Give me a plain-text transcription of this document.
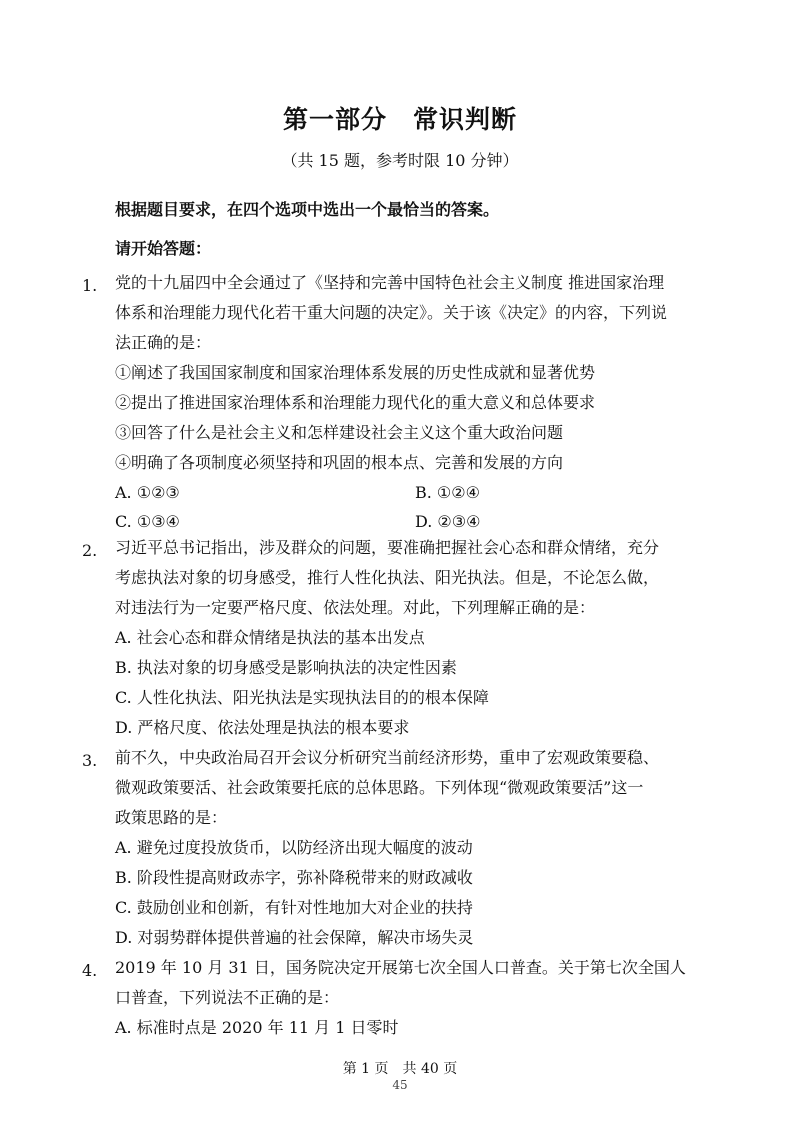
第一部分　常识判断
（共 15 题，参考时限 10 分钟）
根据题目要求，在四个选项中选出一个最恰当的答案。
请开始答题：
1.	党的十九届四中全会通过了《坚持和完善中国特色社会主义制度 推进国家治理
体系和治理能力现代化若干重大问题的决定》。关于该《决定》的内容，下列说
法正确的是：
①阐述了我国国家制度和国家治理体系发展的历史性成就和显著优势
②提出了推进国家治理体系和治理能力现代化的重大意义和总体要求
③回答了什么是社会主义和怎样建设社会主义这个重大政治问题
④明确了各项制度必须坚持和巩固的根本点、完善和发展的方向
A. ①②③	B. ①②④
C. ①③④	D. ②③④
2.	习近平总书记指出，涉及群众的问题，要准确把握社会心态和群众情绪，充分
考虑执法对象的切身感受，推行人性化执法、阳光执法。但是，不论怎么做，
对违法行为一定要严格尺度、依法处理。对此，下列理解正确的是：
A. 社会心态和群众情绪是执法的基本出发点
B. 执法对象的切身感受是影响执法的决定性因素
C. 人性化执法、阳光执法是实现执法目的的根本保障
D. 严格尺度、依法处理是执法的根本要求
3.	前不久，中央政治局召开会议分析研究当前经济形势，重申了宏观政策要稳、
微观政策要活、社会政策要托底的总体思路。下列体现“微观政策要活”这一
政策思路的是：
A. 避免过度投放货币，以防经济出现大幅度的波动
B. 阶段性提高财政赤字，弥补降税带来的财政减收
C. 鼓励创业和创新，有针对性地加大对企业的扶持
D. 对弱势群体提供普遍的社会保障，解决市场失灵
4.	2019 年 10 月 31 日，国务院决定开展第七次全国人口普查。关于第七次全国人
口普查，下列说法不正确的是：
A. 标准时点是 2020 年 11 月 1 日零时
第 1 页　共 40 页
45
